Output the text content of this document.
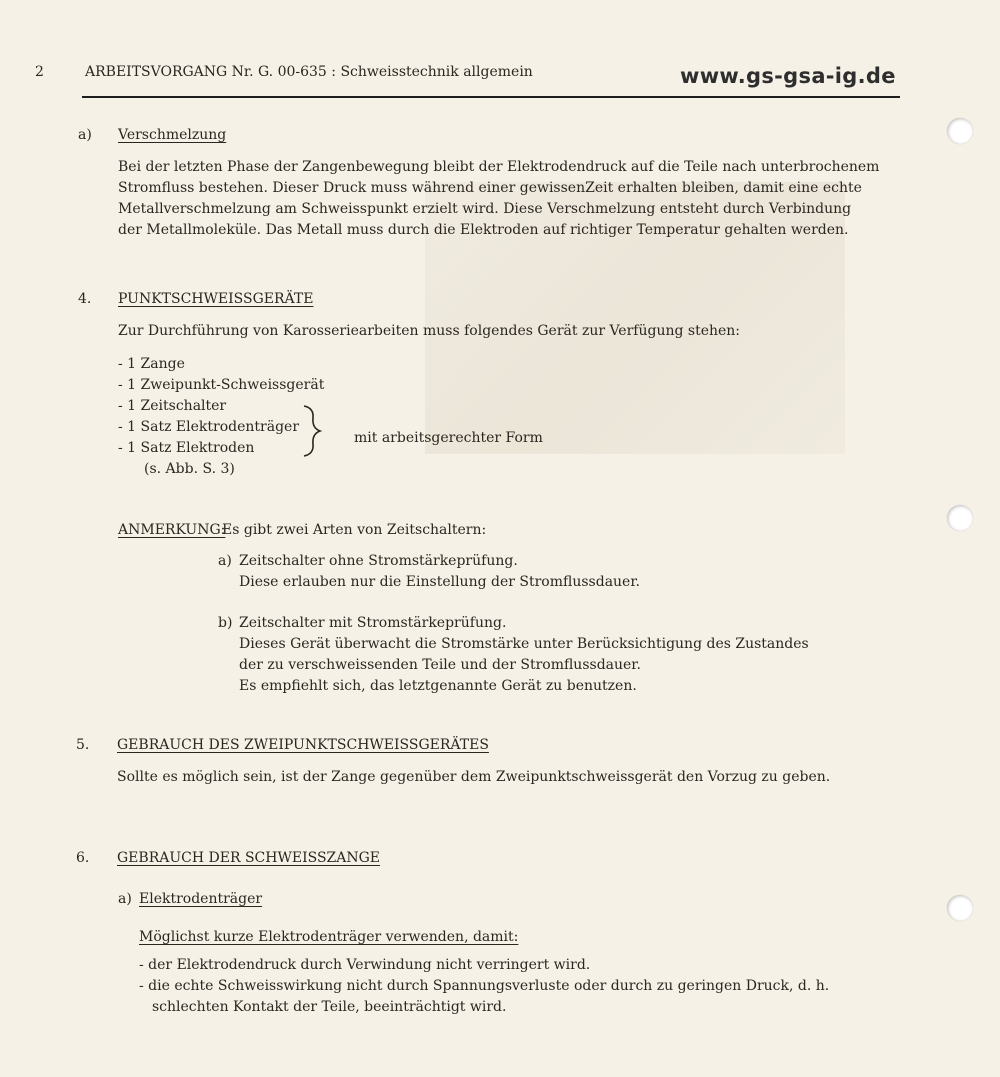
2	ARBEITSVORGANG Nr. G. 00-635 : Schweisstechnik allgemein	www.gs-gsa-ig.de
a) Verschmelzung
Bei der letzten Phase der Zangenbewegung bleibt der Elektrodendruck auf die Teile nach unterbrochenem
Stromfluss bestehen. Dieser Druck muss während einer gewissenZeit erhalten bleiben, damit eine echte
Metallverschmelzung am Schweisspunkt erzielt wird. Diese Verschmelzung entsteht durch Verbindung
der Metallmoleküle. Das Metall muss durch die Elektroden auf richtiger Temperatur gehalten werden.
4. PUNKTSCHWEISSGERÄTE
Zur Durchführung von Karosseriearbeiten muss folgendes Gerät zur Verfügung stehen:
- 1 Zange
- 1 Zweipunkt-Schweissgerät
- 1 Zeitschalter
- 1 Satz Elektrodenträger
- 1 Satz Elektroden
(s. Abb. S. 3)
mit arbeitsgerechter Form
ANMERKUNG:
Es gibt zwei Arten von Zeitschaltern:
a) Zeitschalter ohne Stromstärkeprüfung.
Diese erlauben nur die Einstellung der Stromflussdauer.
b) Zeitschalter mit Stromstärkeprüfung.
Dieses Gerät überwacht die Stromstärke unter Berücksichtigung des Zustandes
der zu verschweissenden Teile und der Stromflussdauer.
Es empfiehlt sich, das letztgenannte Gerät zu benutzen.
5. GEBRAUCH DES ZWEIPUNKTSCHWEISSGERÄTES
Sollte es möglich sein, ist der Zange gegenüber dem Zweipunktschweissgerät den Vorzug zu geben.
6. GEBRAUCH DER SCHWEISSZANGE
a) Elektrodenträger
Möglichst kurze Elektrodenträger verwenden, damit:
- der Elektrodendruck durch Verwindung nicht verringert wird.
- die echte Schweisswirkung nicht durch Spannungsverluste oder durch zu geringen Druck, d. h.
schlechten Kontakt der Teile, beeinträchtigt wird.
